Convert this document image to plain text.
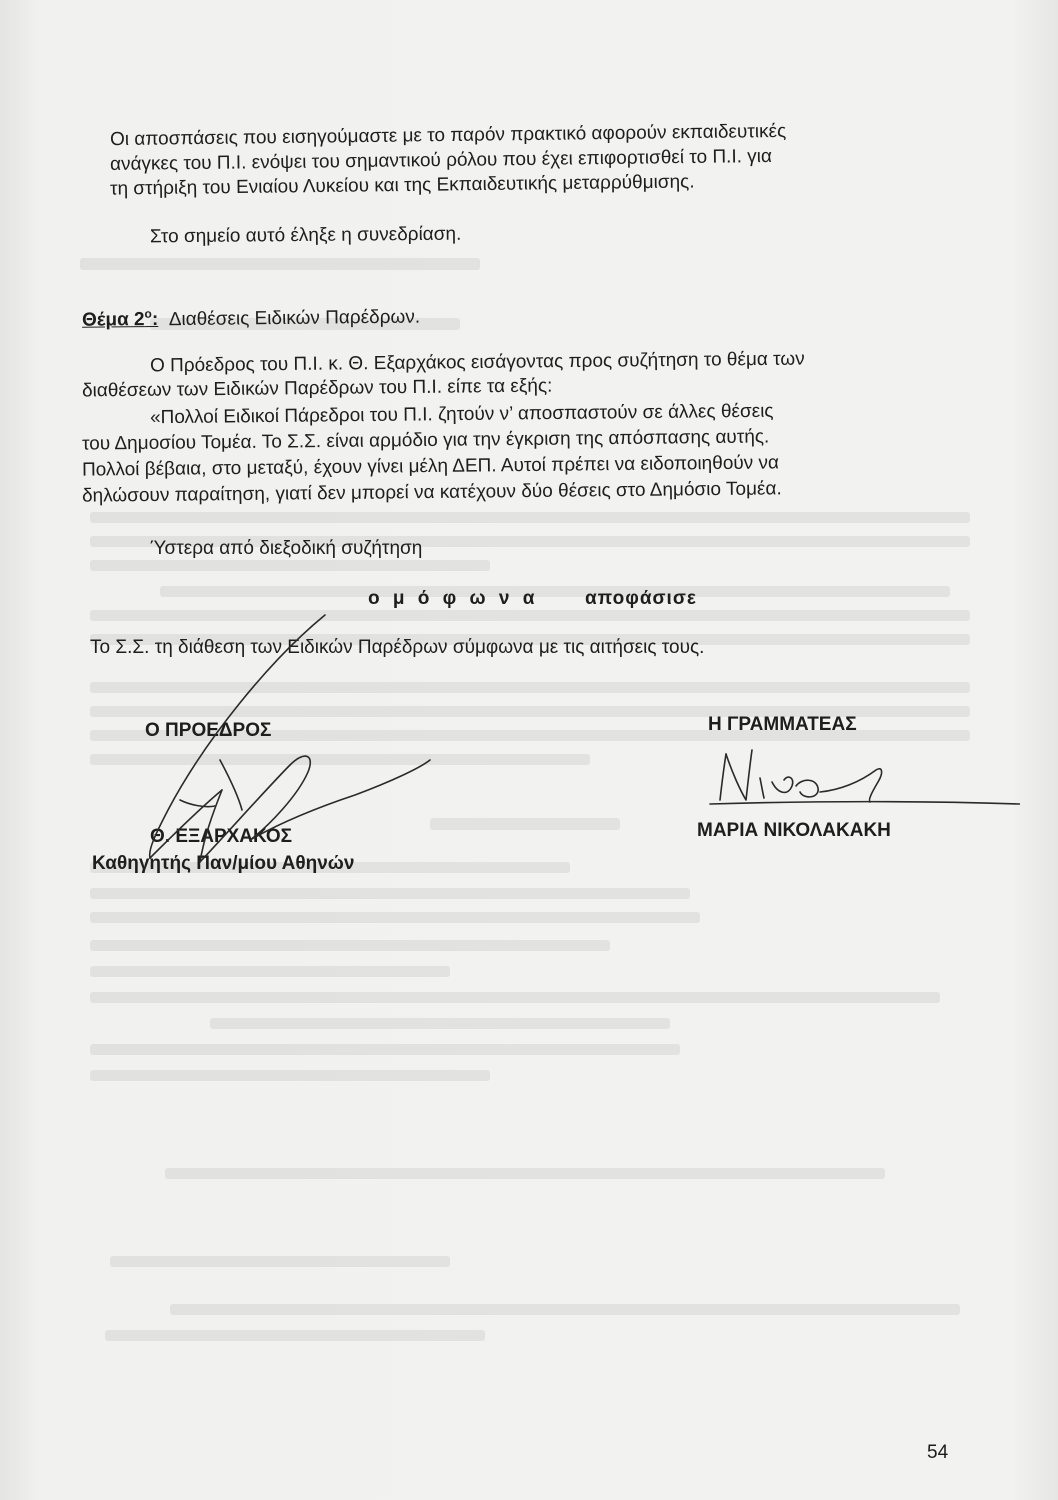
Οι αποσπάσεις που εισηγούμαστε με το παρόν πρακτικό αφορούν εκπαιδευτικές
ανάγκες του Π.Ι. ενόψει του σημαντικού ρόλου που έχει επιφορτισθεί το Π.Ι. για
τη στήριξη του Ενιαίου Λυκείου και της Εκπαιδευτικής μεταρρύθμισης.
Στο σημείο αυτό έληξε η συνεδρίαση.
Θέμα $2^o$: Διαθέσεις Ειδικών Παρέδρων.
Ο Πρόεδρος του Π.Ι. κ. Θ. Εξαρχάκος εισάγοντας προς συζήτηση το θέμα των
διαθέσεων των Ειδικών Παρέδρων του Π.Ι. είπε τα εξής:
«Πολλοί Ειδικοί Πάρεδροι του Π.Ι. ζητούν ν’ αποσπαστούν σε άλλες θέσεις
του Δημοσίου Τομέα. Το Σ.Σ. είναι αρμόδιο για την έγκριση της απόσπασης αυτής.
Πολλοί βέβαια, στο μεταξύ, έχουν γίνει μέλη ΔΕΠ. Αυτοί πρέπει να ειδοποιηθούν να
δηλώσουν παραίτηση, γιατί δεν μπορεί να κατέχουν δύο θέσεις στο Δημόσιο Τομέα.
Ύστερα από διεξοδική συζήτηση
ο μ ό φ ω ν α αποφάσισε
Το Σ.Σ. τη διάθεση των Ειδικών Παρέδρων σύμφωνα με τις αιτήσεις τους.
Ο ΠΡΟΕΔΡΟΣ
Θ. ΕΞΑΡΧΑΚΟΣ
Καθηγητής Παν/μίου Αθηνών
Η ΓΡΑΜΜΑΤΕΑΣ
ΜΑΡΙΑ ΝΙΚΟΛΑΚΑΚΗ
54
